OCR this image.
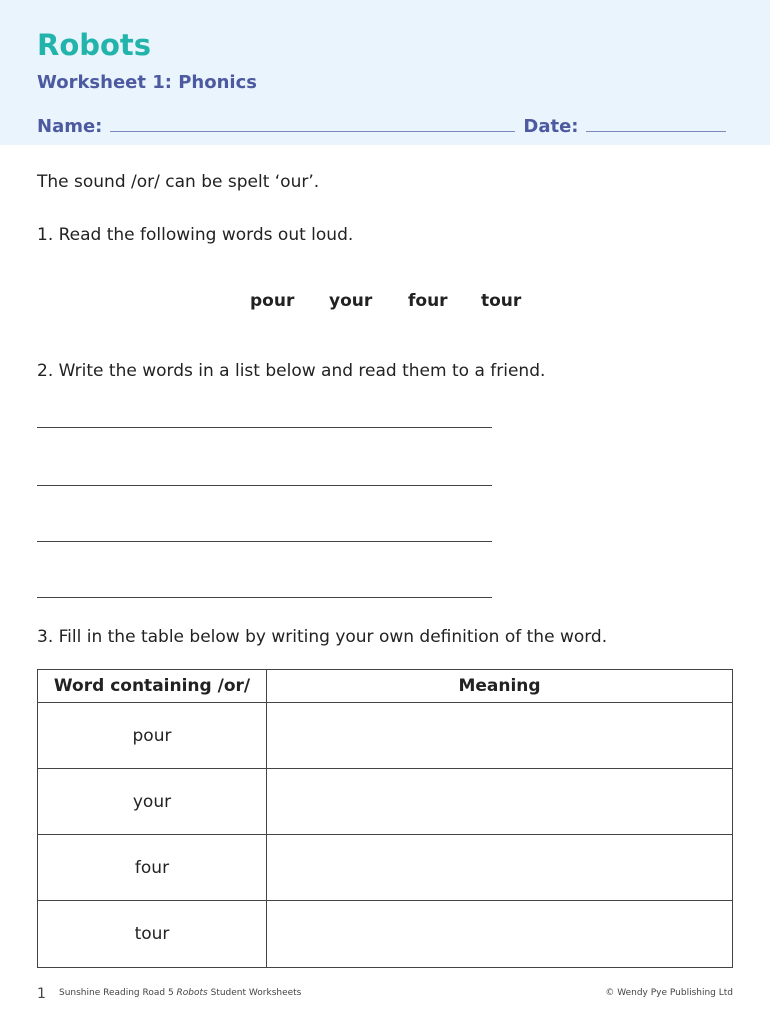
Robots
Worksheet 1: Phonics
Name:	Date:
The sound /or/ can be spelt ‘our’.
1. Read the following words out loud.
pour your four tour
2. Write the words in a list below and read them to a friend.
3. Fill in the table below by writing your own definition of the word.
Word containing /or/	Meaning
pour	
your	
four	
tour	
1 Sunshine Reading Road 5 Robots Student Worksheets	© Wendy Pye Publishing Ltd
